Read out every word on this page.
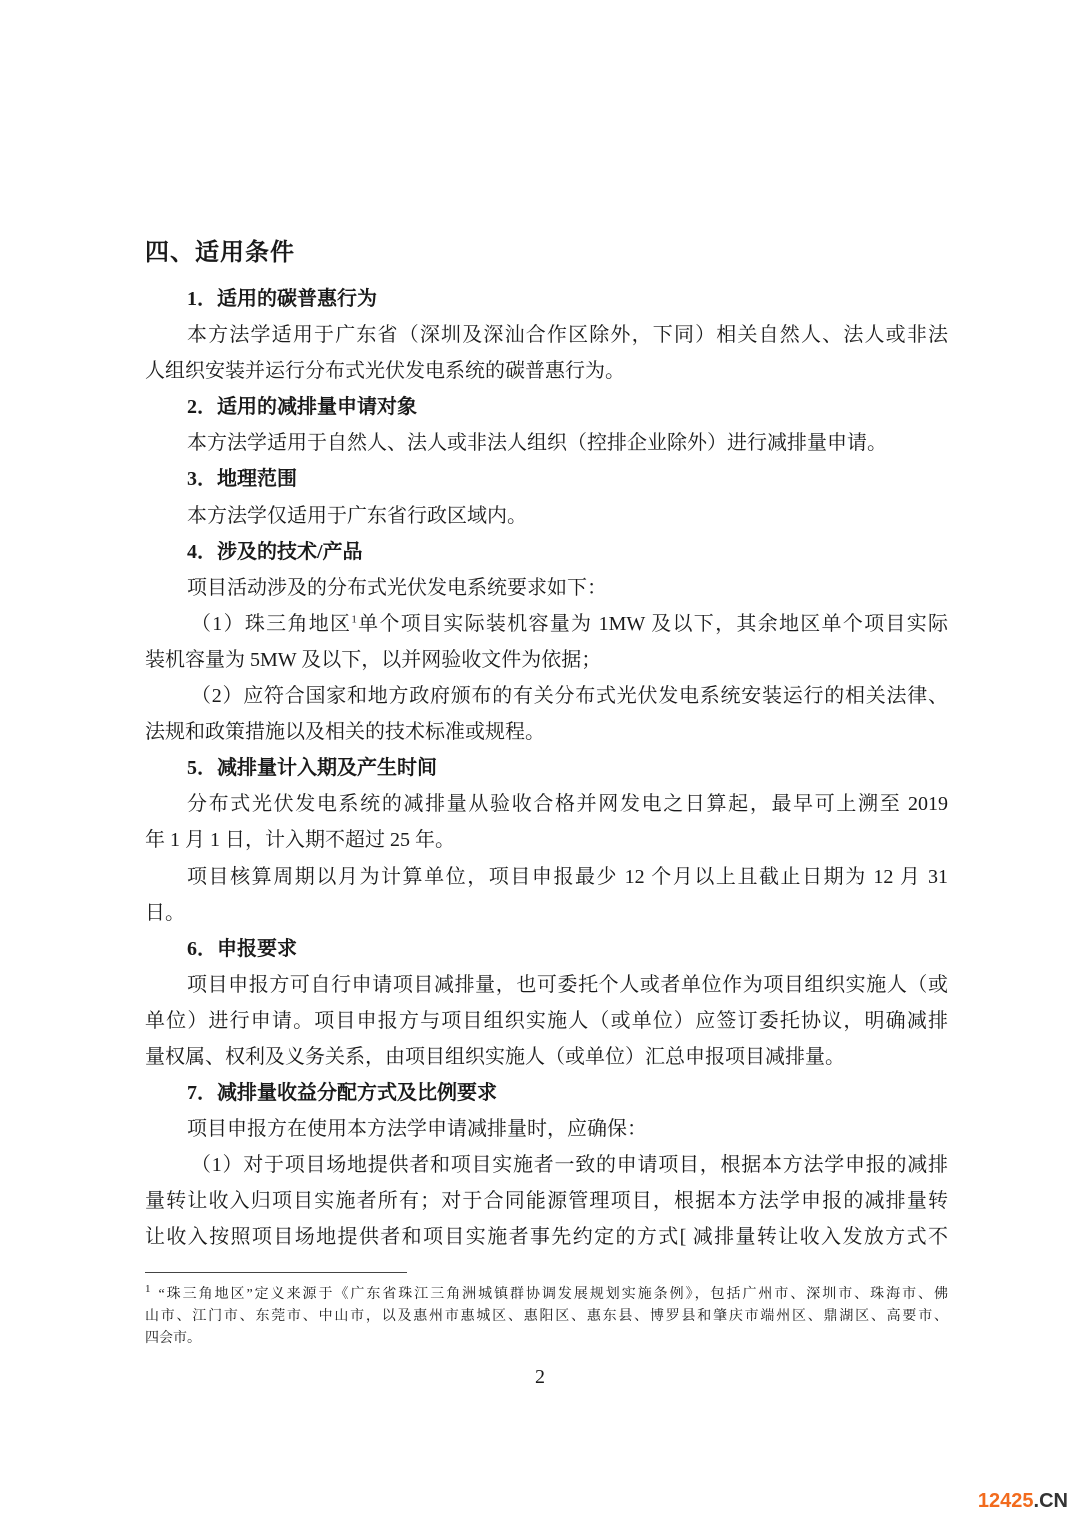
四、适用条件
1．适用的碳普惠行为
本方法学适用于广东省（深圳及深汕合作区除外，下同）相关自然人、法人或非法
人组织安装并运行分布式光伏发电系统的碳普惠行为。
2．适用的减排量申请对象
本方法学适用于自然人、法人或非法人组织（控排企业除外）进行减排量申请。
3．地理范围
本方法学仅适用于广东省行政区域内。
4．涉及的技术/产品
项目活动涉及的分布式光伏发电系统要求如下：
（1）珠三角地区$^1$单个项目实际装机容量为 1MW 及以下，其余地区单个项目实际
装机容量为 5MW 及以下，以并网验收文件为依据；
（2）应符合国家和地方政府颁布的有关分布式光伏发电系统安装运行的相关法律、
法规和政策措施以及相关的技术标准或规程。
5．减排量计入期及产生时间
分布式光伏发电系统的减排量从验收合格并网发电之日算起，最早可上溯至 2019
年 1 月 1 日，计入期不超过 25 年。
项目核算周期以月为计算单位，项目申报最少 12 个月以上且截止日期为 12 月 31
日。
6．申报要求
项目申报方可自行申请项目减排量，也可委托个人或者单位作为项目组织实施人（或
单位）进行申请。项目申报方与项目组织实施人（或单位）应签订委托协议，明确减排
量权属、权利及义务关系，由项目组织实施人（或单位）汇总申报项目减排量。
7．减排量收益分配方式及比例要求
项目申报方在使用本方法学申请减排量时，应确保：
（1）对于项目场地提供者和项目实施者一致的申请项目，根据本方法学申报的减排
量转让收入归项目实施者所有；对于合同能源管理项目，根据本方法学申报的减排量转
让收入按照项目场地提供者和项目实施者事先约定的方式[ 减排量转让收入发放方式不
$^1$ “珠三角地区”定义来源于《广东省珠江三角洲城镇群协调发展规划实施条例》，包括广州市、深圳市、珠海市、佛
山市、江门市、东莞市、中山市，以及惠州市惠城区、惠阳区、惠东县、博罗县和肇庆市端州区、鼎湖区、高要市、
四会市。
2
12425.CN
